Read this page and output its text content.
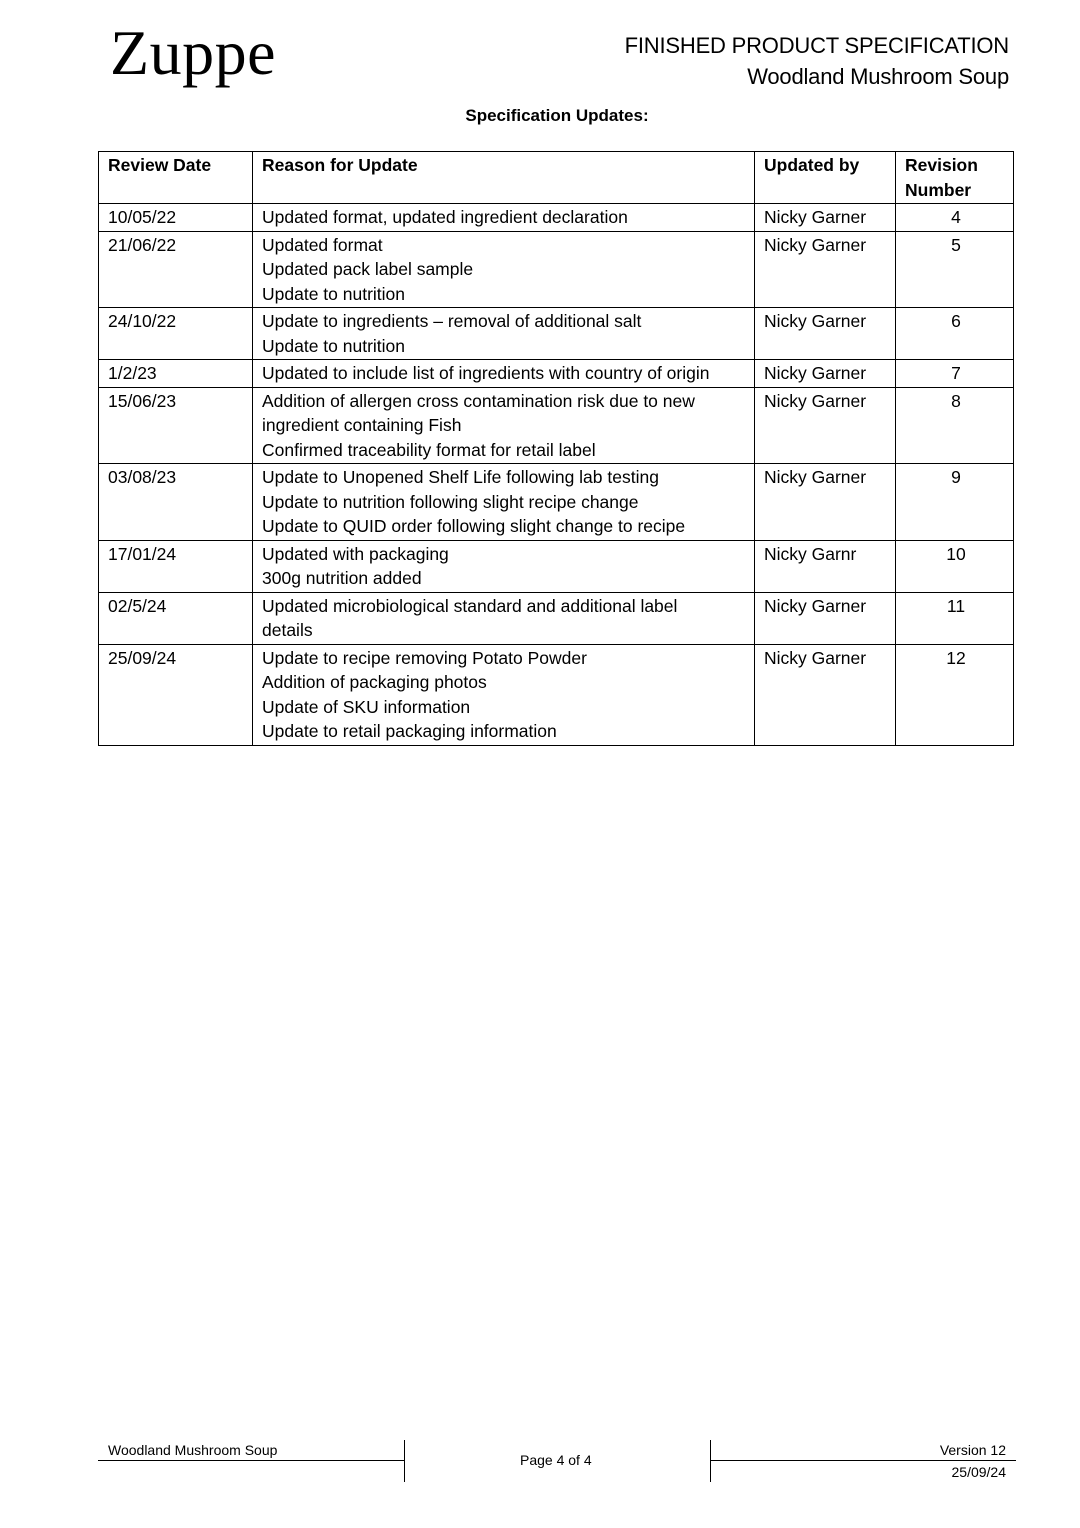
Zuppe	FINISHED PRODUCT SPECIFICATION
Woodland Mushroom Soup
Specification Updates:
Review Date	Reason for Update	Updated by	Revision
Number

10/05/22	Updated format, updated ingredient declaration	Nicky Garner	4
21/06/22	Updated format
Updated pack label sample
Update to nutrition	Nicky Garner	5
24/10/22	Update to ingredients – removal of additional salt
Update to nutrition	Nicky Garner	6
1/2/23	Updated to include list of ingredients with country of origin	Nicky Garner	7
15/06/23	Addition of allergen cross contamination risk due to new
ingredient containing Fish
Confirmed traceability format for retail label	Nicky Garner	8
03/08/23	Update to Unopened Shelf Life following lab testing
Update to nutrition following slight recipe change
Update to QUID order following slight change to recipe	Nicky Garner	9
17/01/24	Updated with packaging
300g nutrition added	Nicky Garnr	10
02/5/24	Updated microbiological standard and additional label
details	Nicky Garner	11
25/09/24	Update to recipe removing Potato Powder
Addition of packaging photos
Update of SKU information
Update to retail packaging information	Nicky Garner	12
Woodland Mushroom Soup
Page 4 of 4
Version 12
25/09/24
